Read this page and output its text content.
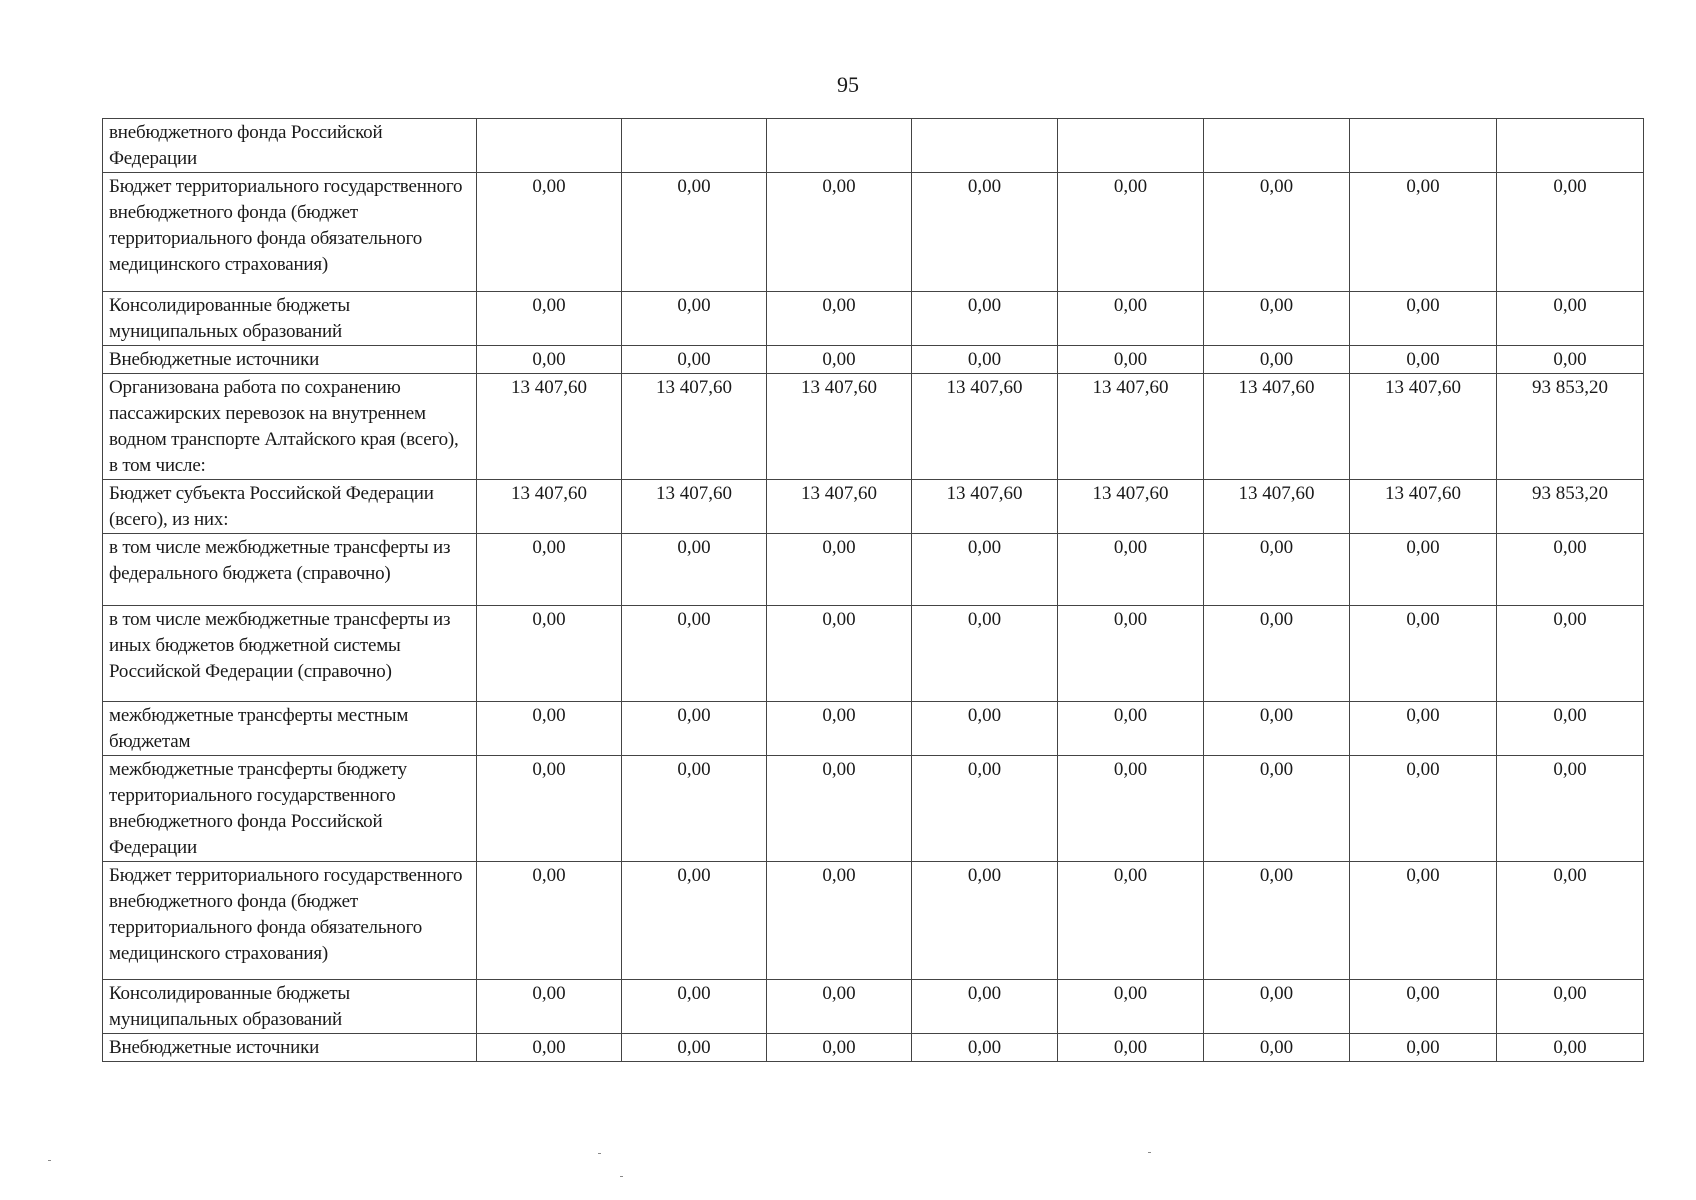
95
внебюджетного фонда Российской Федерации								
Бюджет территориального государственного внебюджетного фонда (бюджет территориального фонда обязательного медицинского страхования)	0,00	0,00	0,00	0,00	0,00	0,00	0,00	0,00
Консолидированные бюджеты муниципальных образований	0,00	0,00	0,00	0,00	0,00	0,00	0,00	0,00
Внебюджетные источники	0,00	0,00	0,00	0,00	0,00	0,00	0,00	0,00
Организована работа по сохранению пассажирских перевозок на внутреннем водном транспорте Алтайского края (всего), в том числе:	13 407,60	13 407,60	13 407,60	13 407,60	13 407,60	13 407,60	13 407,60	93 853,20
Бюджет субъекта Российской Федерации (всего), из них:	13 407,60	13 407,60	13 407,60	13 407,60	13 407,60	13 407,60	13 407,60	93 853,20
в том числе межбюджетные трансферты из федерального бюджета (справочно)	0,00	0,00	0,00	0,00	0,00	0,00	0,00	0,00
в том числе межбюджетные трансферты из иных бюджетов бюджетной системы Российской Федерации (справочно)	0,00	0,00	0,00	0,00	0,00	0,00	0,00	0,00
межбюджетные трансферты местным бюджетам	0,00	0,00	0,00	0,00	0,00	0,00	0,00	0,00
межбюджетные трансферты бюджету территориального государственного внебюджетного фонда Российской Федерации	0,00	0,00	0,00	0,00	0,00	0,00	0,00	0,00
Бюджет территориального государственного внебюджетного фонда (бюджет территориального фонда обязательного медицинского страхования)	0,00	0,00	0,00	0,00	0,00	0,00	0,00	0,00
Консолидированные бюджеты муниципальных образований	0,00	0,00	0,00	0,00	0,00	0,00	0,00	0,00
Внебюджетные источники	0,00	0,00	0,00	0,00	0,00	0,00	0,00	0,00
